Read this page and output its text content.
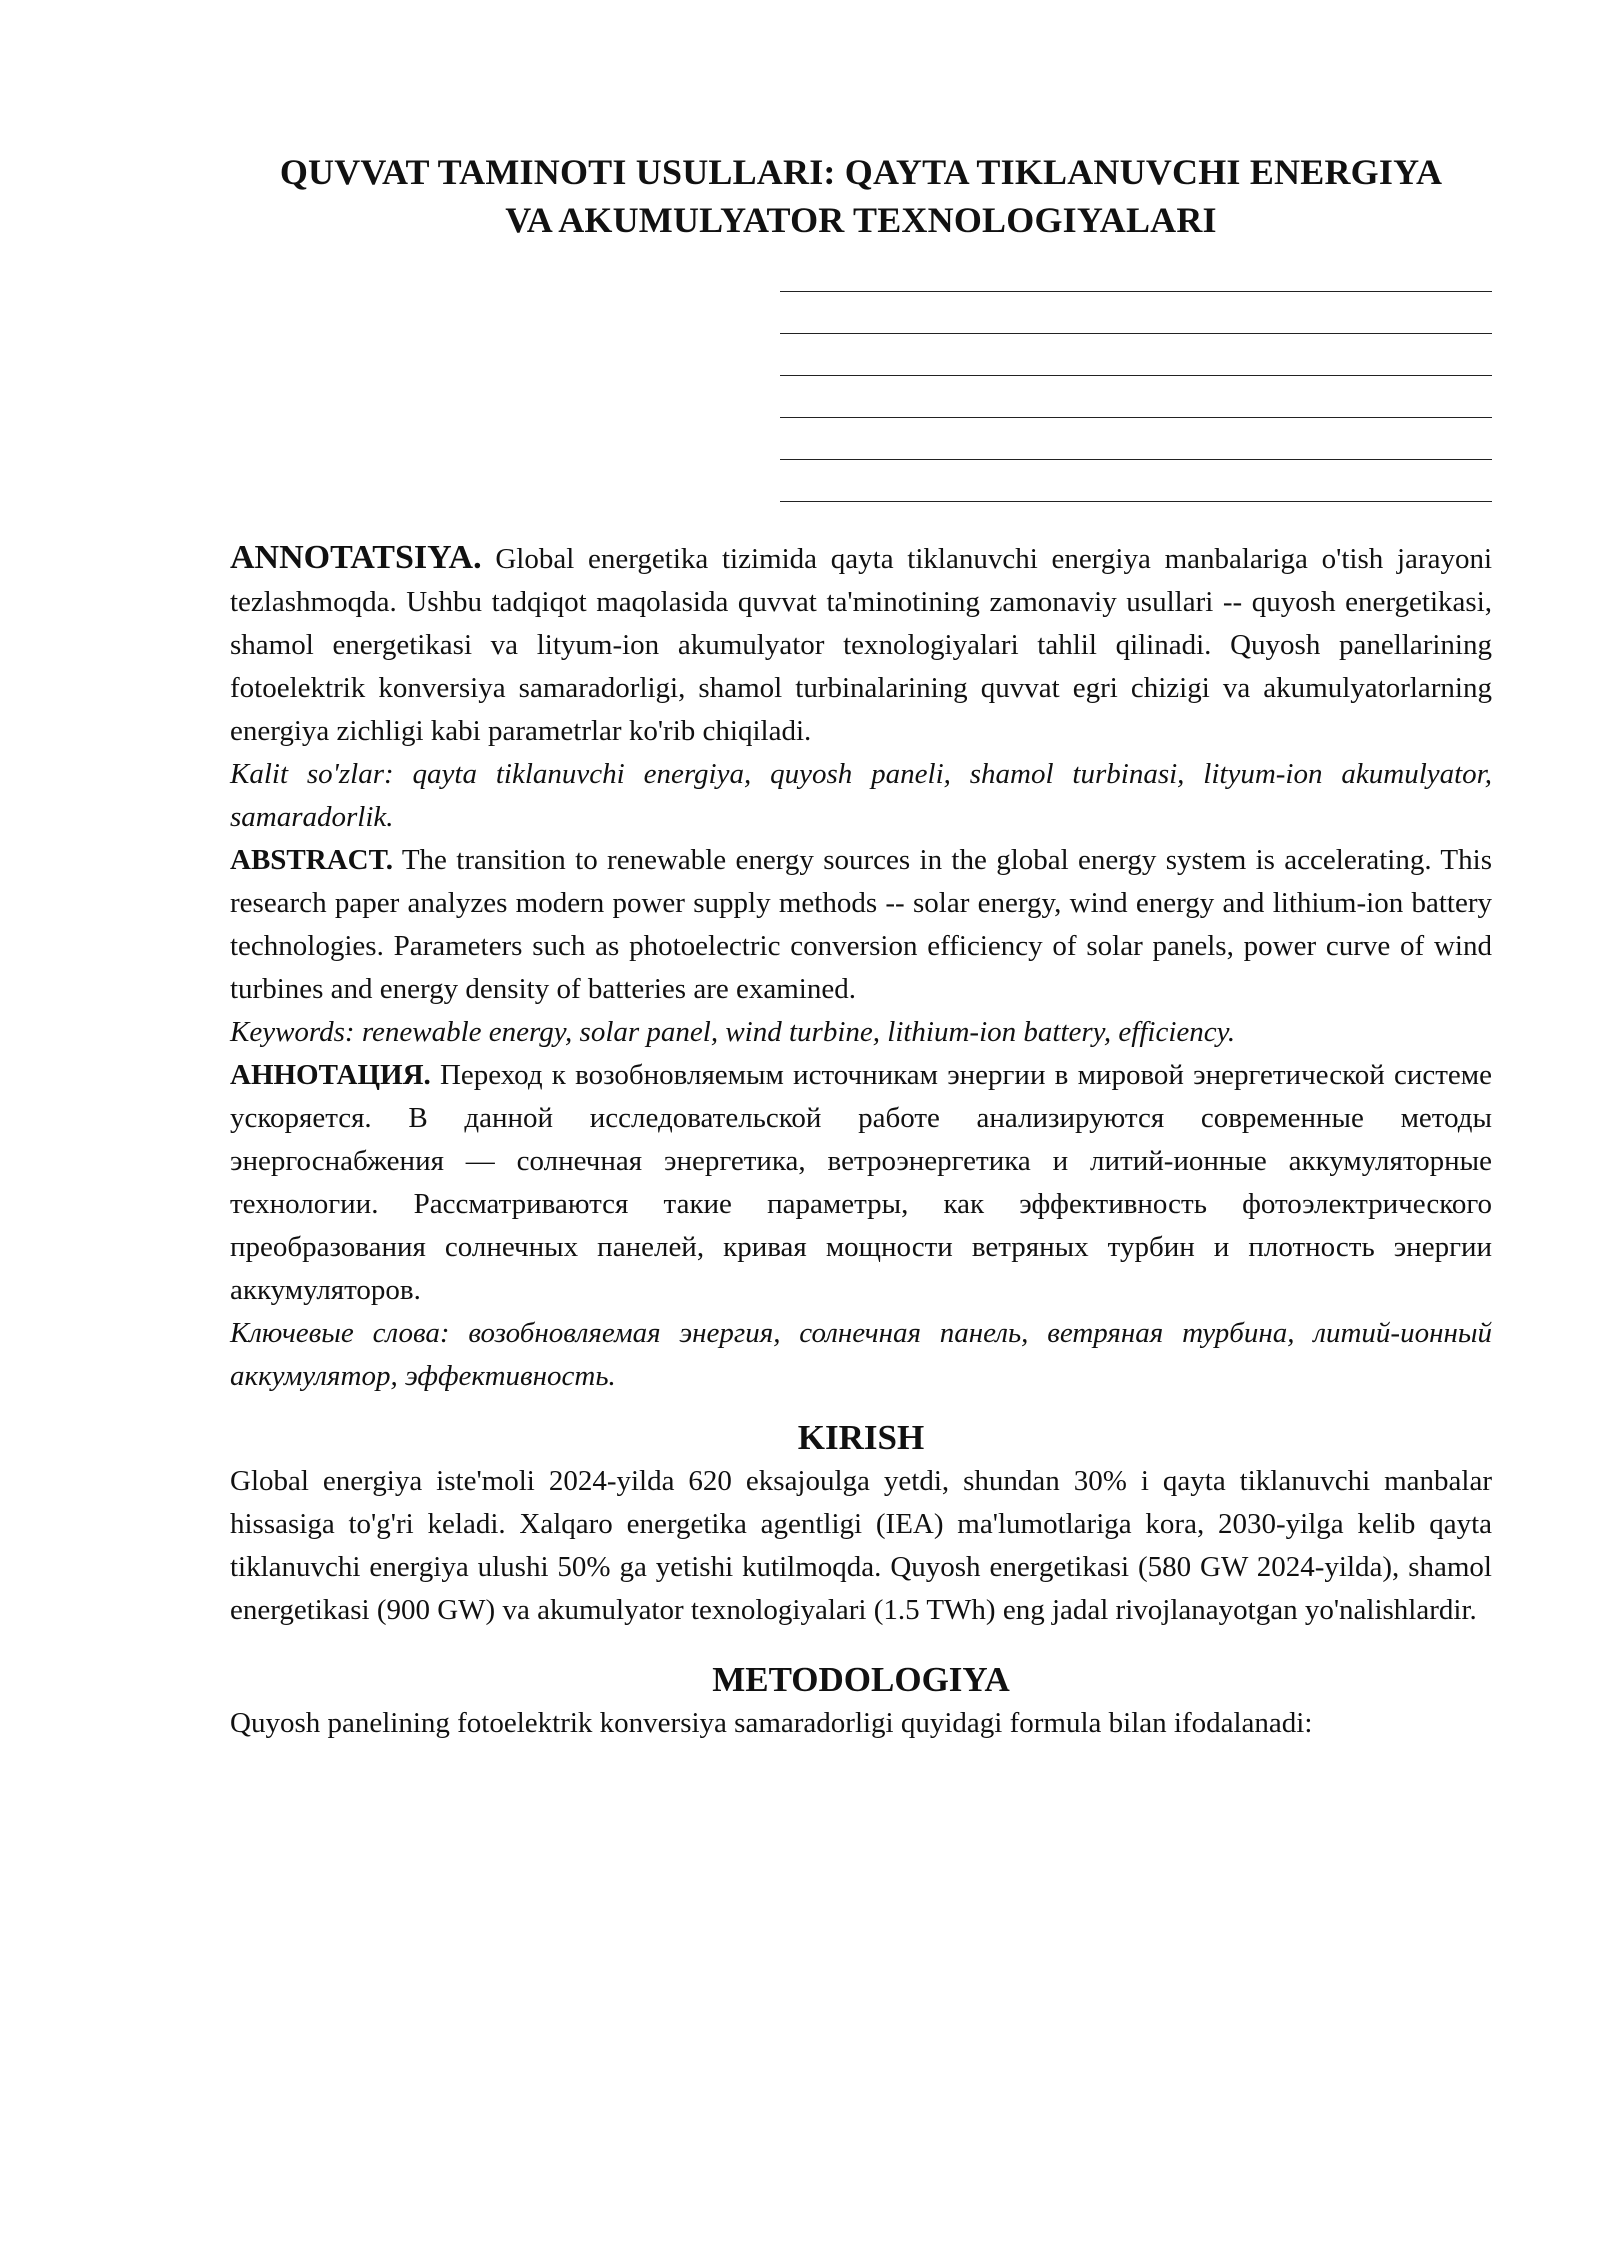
QUVVAT TAMINOTI USULLARI: QAYTA TIKLANUVCHI ENERGIYA
VA AKUMULYATOR TEXNOLOGIYALARI

ANNOTATSIYA. Global energetika tizimida qayta tiklanuvchi energiya manbalariga o'tish jarayoni tezlashmoqda. Ushbu tadqiqot maqolasida quvvat ta'minotining zamonaviy usullari -- quyosh energetikasi, shamol energetikasi va lityum-ion akumulyator texnologiyalari tahlil qilinadi. Quyosh panellarining fotoelektrik konversiya samaradorligi, shamol turbinalarining quvvat egri chizigi va akumulyatorlarning energiya zichligi kabi parametrlar ko'rib chiqiladi.

Kalit so'zlar: qayta tiklanuvchi energiya, quyosh paneli, shamol turbinasi, lityum-ion akumulyator, samaradorlik.

ABSTRACT. The transition to renewable energy sources in the global energy system is accelerating. This research paper analyzes modern power supply methods -- solar energy, wind energy and lithium-ion battery technologies. Parameters such as photoelectric conversion efficiency of solar panels, power curve of wind turbines and energy density of batteries are examined.

Keywords: renewable energy, solar panel, wind turbine, lithium-ion battery, efficiency.

АННОТАЦИЯ. Переход к возобновляемым источникам энергии в мировой энергетической системе ускоряется. В данной исследовательской работе анализируются современные методы энергоснабжения — солнечная энергетика, ветроэнергетика и литий-ионные аккумуляторные технологии. Рассматриваются такие параметры, как эффективность фотоэлектрического преобразования солнечных панелей, кривая мощности ветряных турбин и плотность энергии аккумуляторов.

Ключевые слова: возобновляемая энергия, солнечная панель, ветряная турбина, литий-ионный аккумулятор, эффективность.

KIRISH

Global energiya iste'moli 2024-yilda 620 eksajoulga yetdi, shundan 30% i qayta tiklanuvchi manbalar hissasiga to'g'ri keladi. Xalqaro energetika agentligi (IEA) ma'lumotlariga kora, 2030-yilga kelib qayta tiklanuvchi energiya ulushi 50% ga yetishi kutilmoqda. Quyosh energetikasi (580 GW 2024-yilda), shamol energetikasi (900 GW) va akumulyator texnologiyalari (1.5 TWh) eng jadal rivojlanayotgan yo'nalishlardir.

METODOLOGIYA

Quyosh panelining fotoelektrik konversiya samaradorligi quyidagi formula bilan ifodalanadi:
